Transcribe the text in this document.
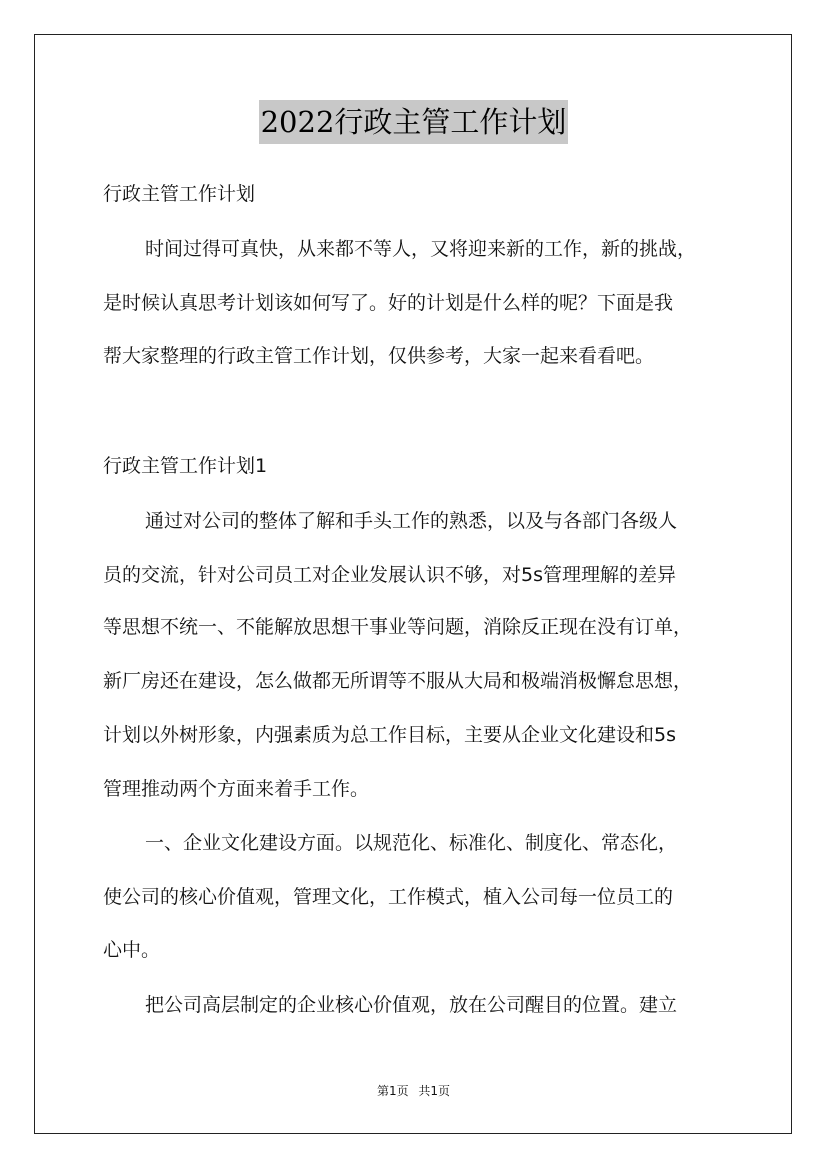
2022行政主管工作计划
行政主管工作计划
时间过得可真快，从来都不等人，又将迎来新的工作，新的挑战，
是时候认真思考计划该如何写了。好的计划是什么样的呢？下面是我
帮大家整理的行政主管工作计划，仅供参考，大家一起来看看吧。
行政主管工作计划1
通过对公司的整体了解和手头工作的熟悉，以及与各部门各级人
员的交流，针对公司员工对企业发展认识不够，对5s管理理解的差异
等思想不统一、不能解放思想干事业等问题，消除反正现在没有订单，
新厂房还在建设，怎么做都无所谓等不服从大局和极端消极懈怠思想，
计划以外树形象，内强素质为总工作目标，主要从企业文化建设和5s
管理推动两个方面来着手工作。
一、企业文化建设方面。以规范化、标准化、制度化、常态化，
使公司的核心价值观，管理文化，工作模式，植入公司每一位员工的
心中。
把公司高层制定的企业核心价值观，放在公司醒目的位置。建立
第1页 共1页
